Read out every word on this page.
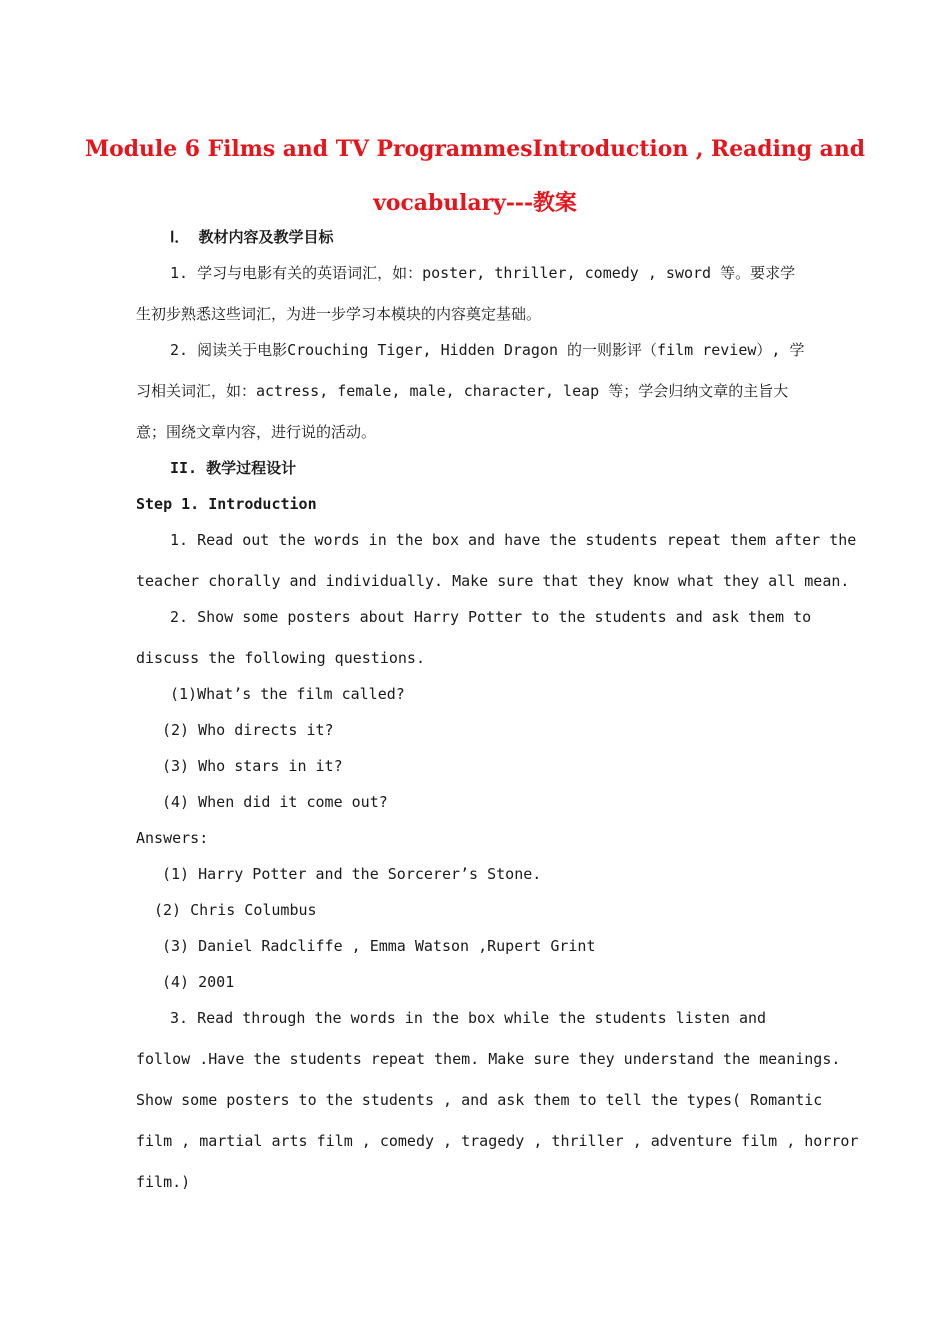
Module 6 Films and TV ProgrammesIntroduction , Reading and
vocabulary---教案
Ⅰ． 教材内容及教学目标
1. 学习与电影有关的英语词汇，如：poster, thriller, comedy , sword 等。要求学
生初步熟悉这些词汇，为进一步学习本模块的内容奠定基础。
2. 阅读关于电影Crouching Tiger, Hidden Dragon 的一则影评（film review）, 学
习相关词汇，如：actress, female, male, character, leap 等；学会归纳文章的主旨大
意；围绕文章内容，进行说的活动。
II. 教学过程设计
Step 1. Introduction
1. Read out the words in the box and have the students repeat them after the
teacher chorally and individually. Make sure that they know what they all mean.
2. Show some posters about Harry Potter to the students and ask them to
discuss the following questions.
(1)What’s the film called?
(2) Who directs it?
(3) Who stars in it?
(4) When did it come out?
Answers:
(1) Harry Potter and the Sorcerer’s Stone.
(2) Chris Columbus
(3) Daniel Radcliffe , Emma Watson ,Rupert Grint
(4) 2001
3. Read through the words in the box while the students listen and
follow .Have the students repeat them. Make sure they understand the meanings.
Show some posters to the students , and ask them to tell the types( Romantic
film , martial arts film , comedy , tragedy , thriller , adventure film , horror
film.)
